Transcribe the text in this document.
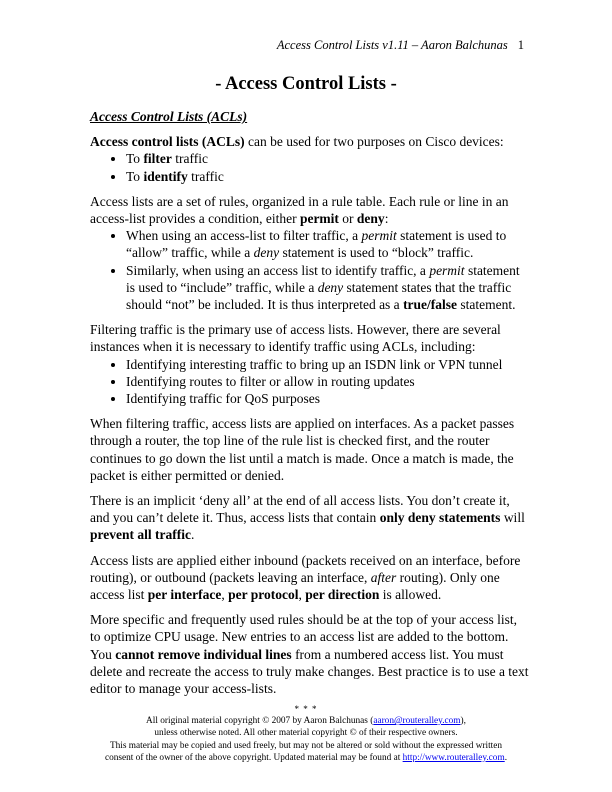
Access Control Lists v1.11 – Aaron Balchunas 1
- Access Control Lists -
Access Control Lists (ACLs)

Access control lists (ACLs) can be used for two purposes on Cisco devices:

• To filter traffic
• To identify traffic

Access lists are a set of rules, organized in a rule table. Each rule or line in an access-list provides a condition, either permit or deny:

• When using an access-list to filter traffic, a permit statement is used to “allow” traffic, while a deny statement is used to “block” traffic.
• Similarly, when using an access list to identify traffic, a permit statement is used to “include” traffic, while a deny statement states that the traffic should “not” be included. It is thus interpreted as a true/false statement.

Filtering traffic is the primary use of access lists. However, there are several instances when it is necessary to identify traffic using ACLs, including:

• Identifying interesting traffic to bring up an ISDN link or VPN tunnel
• Identifying routes to filter or allow in routing updates
• Identifying traffic for QoS purposes

When filtering traffic, access lists are applied on interfaces. As a packet passes through a router, the top line of the rule list is checked first, and the router continues to go down the list until a match is made. Once a match is made, the packet is either permitted or denied.

There is an implicit ‘deny all’ at the end of all access lists. You don’t create it, and you can’t delete it. Thus, access lists that contain only deny statements will prevent all traffic.

Access lists are applied either inbound (packets received on an interface, before routing), or outbound (packets leaving an interface, after routing). Only one access list per interface, per protocol, per direction is allowed.

More specific and frequently used rules should be at the top of your access list, to optimize CPU usage. New entries to an access list are added to the bottom. You cannot remove individual lines from a numbered access list. You must delete and recreate the access to truly make changes. Best practice is to use a text editor to manage your access-lists.

* * *
All original material copyright © 2007 by Aaron Balchunas (aaron@routeralley.com),
unless otherwise noted. All other material copyright © of their respective owners.
This material may be copied and used freely, but may not be altered or sold without the expressed written
consent of the owner of the above copyright. Updated material may be found at http://www.routeralley.com.
